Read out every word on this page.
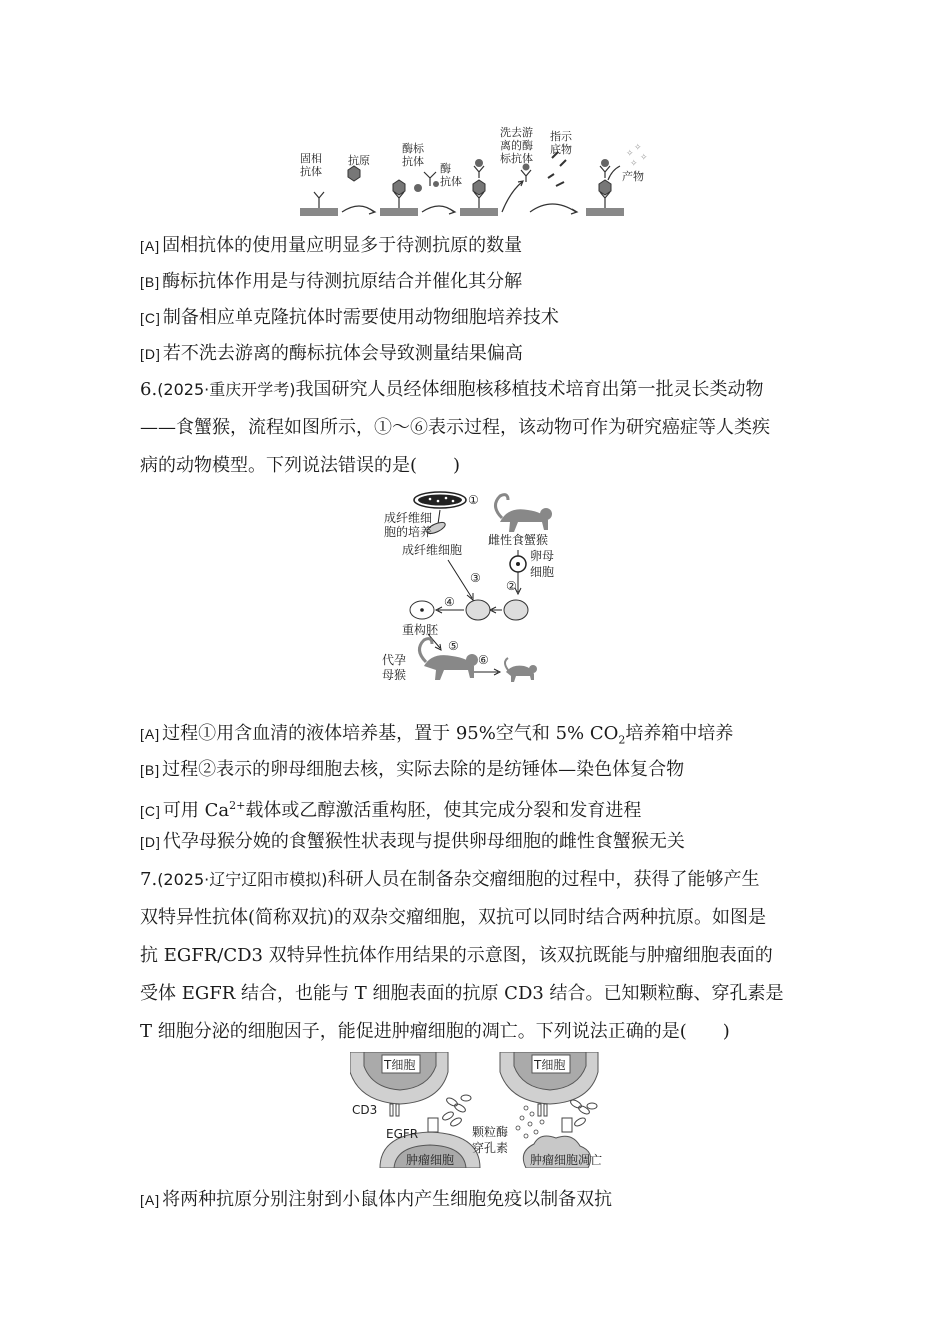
✧
✧
✧
✧
固相
抗体
抗原
酶标
抗体
酶
抗体
洗去游
离的酶
标抗体
指示
底物
产物
[A] 固相抗体的使用量应明显多于待测抗原的数量
[B] 酶标抗体作用是与待测抗原结合并催化其分解
[C] 制备相应单克隆抗体时需要使用动物细胞培养技术
[D] 若不洗去游离的酶标抗体会导致测量结果偏高
6.(2025·重庆开学考)我国研究人员经体细胞核移植技术培育出第一批灵长类动物
——食蟹猴，流程如图所示，①～⑥表示过程，该动物可作为研究癌症等人类疾
病的动物模型。下列说法错误的是(　　)
①
成纤维细
胞的培养
成纤维细胞
雌性食蟹猴
卵母
细胞
②
③
④
重构胚
⑤
代孕
母猴
⑥
[A] 过程①用含血清的液体培养基，置于 95%空气和 5% $CO_2$培养箱中培养
[B] 过程②表示的卵母细胞去核，实际去除的是纺锤体—染色体复合物
[C] 可用 $Ca^{2+}$载体或乙醇激活重构胚，使其完成分裂和发育进程
[D] 代孕母猴分娩的食蟹猴性状表现与提供卵母细胞的雌性食蟹猴无关
7.(2025·辽宁辽阳市模拟)科研人员在制备杂交瘤细胞的过程中，获得了能够产生
双特异性抗体(简称双抗)的双杂交瘤细胞，双抗可以同时结合两种抗原。如图是
抗 EGFR/CD3 双特异性抗体作用结果的示意图，该双抗既能与肿瘤细胞表面的
受体 EGFR 结合，也能与 T 细胞表面的抗原 CD3 结合。已知颗粒酶、穿孔素是
T 细胞分泌的细胞因子，能促进肿瘤细胞的凋亡。下列说法正确的是(　　)
T细胞	T细胞
CD3
EGFR	颗粒酶
穿孔素
肿瘤细胞	肿瘤细胞凋亡
[A] 将两种抗原分别注射到小鼠体内产生细胞免疫以制备双抗
